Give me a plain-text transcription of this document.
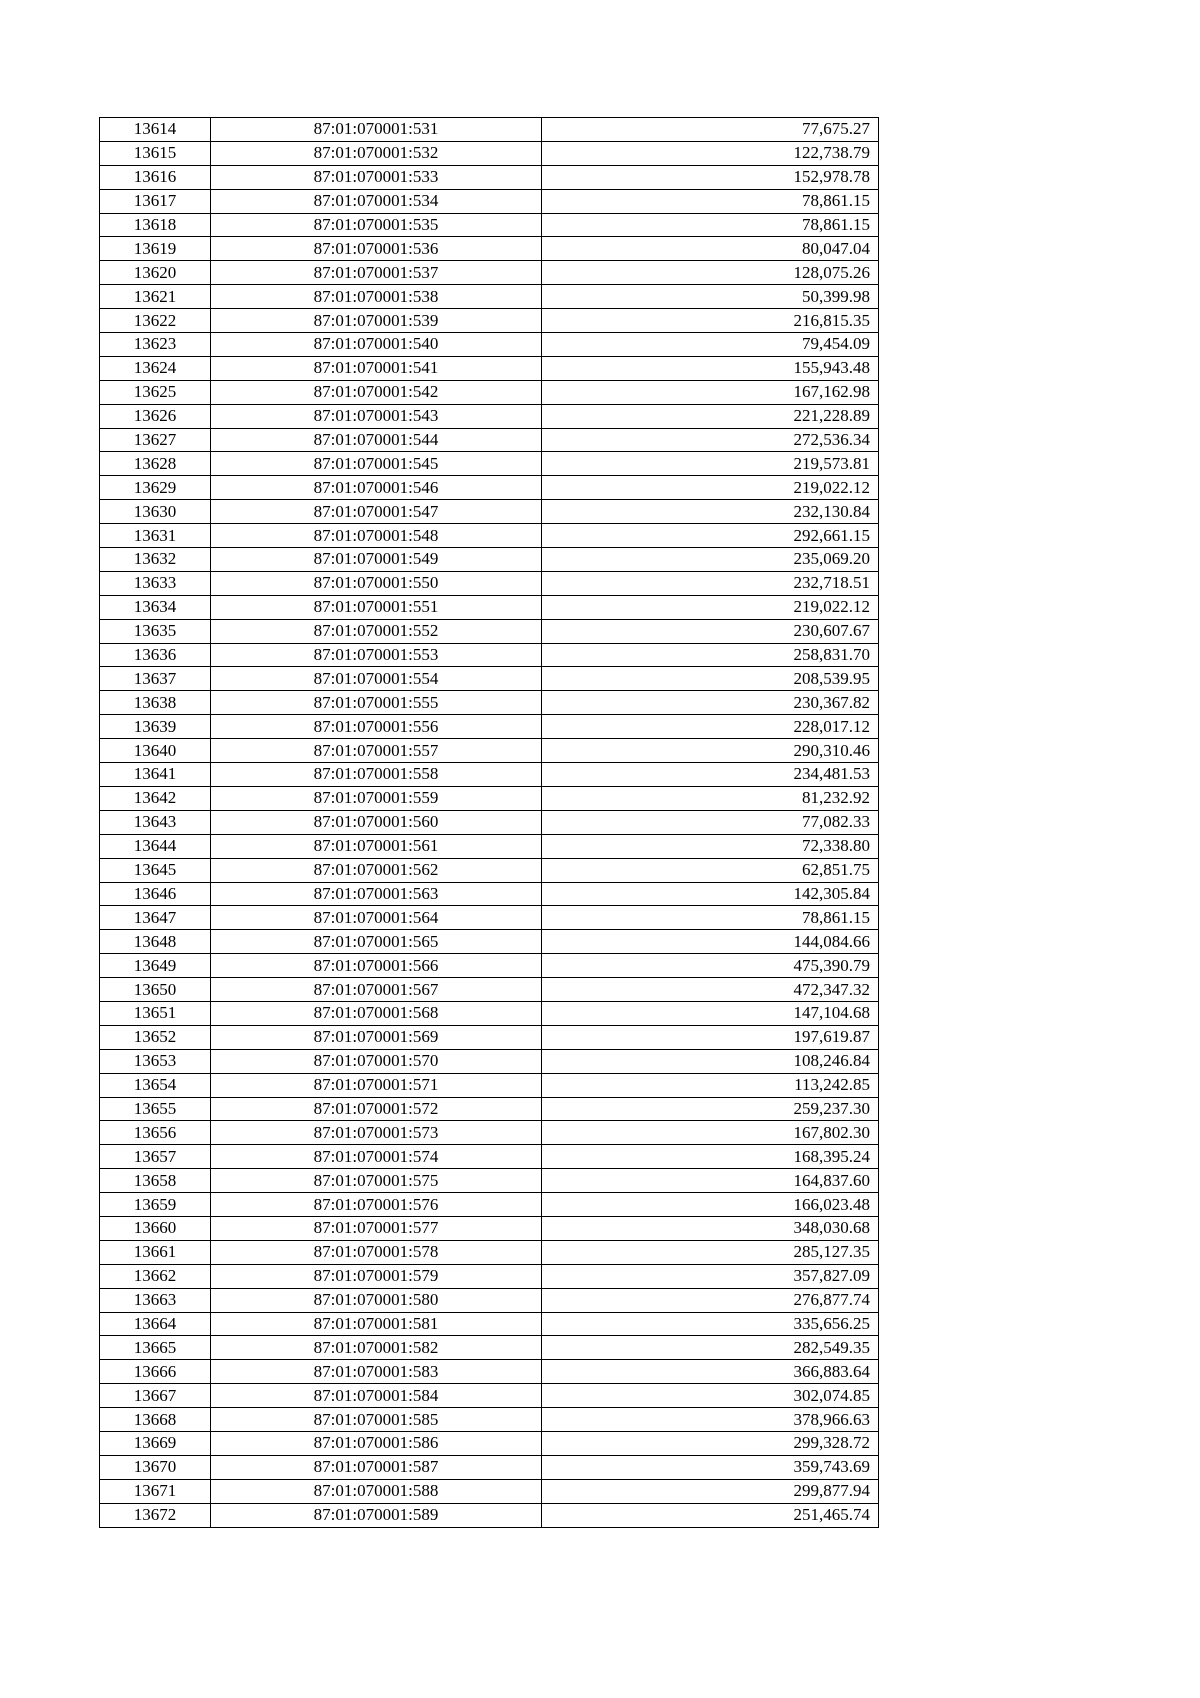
13614	87:01:070001:531	77,675.27
13615	87:01:070001:532	122,738.79
13616	87:01:070001:533	152,978.78
13617	87:01:070001:534	78,861.15
13618	87:01:070001:535	78,861.15
13619	87:01:070001:536	80,047.04
13620	87:01:070001:537	128,075.26
13621	87:01:070001:538	50,399.98
13622	87:01:070001:539	216,815.35
13623	87:01:070001:540	79,454.09
13624	87:01:070001:541	155,943.48
13625	87:01:070001:542	167,162.98
13626	87:01:070001:543	221,228.89
13627	87:01:070001:544	272,536.34
13628	87:01:070001:545	219,573.81
13629	87:01:070001:546	219,022.12
13630	87:01:070001:547	232,130.84
13631	87:01:070001:548	292,661.15
13632	87:01:070001:549	235,069.20
13633	87:01:070001:550	232,718.51
13634	87:01:070001:551	219,022.12
13635	87:01:070001:552	230,607.67
13636	87:01:070001:553	258,831.70
13637	87:01:070001:554	208,539.95
13638	87:01:070001:555	230,367.82
13639	87:01:070001:556	228,017.12
13640	87:01:070001:557	290,310.46
13641	87:01:070001:558	234,481.53
13642	87:01:070001:559	81,232.92
13643	87:01:070001:560	77,082.33
13644	87:01:070001:561	72,338.80
13645	87:01:070001:562	62,851.75
13646	87:01:070001:563	142,305.84
13647	87:01:070001:564	78,861.15
13648	87:01:070001:565	144,084.66
13649	87:01:070001:566	475,390.79
13650	87:01:070001:567	472,347.32
13651	87:01:070001:568	147,104.68
13652	87:01:070001:569	197,619.87
13653	87:01:070001:570	108,246.84
13654	87:01:070001:571	113,242.85
13655	87:01:070001:572	259,237.30
13656	87:01:070001:573	167,802.30
13657	87:01:070001:574	168,395.24
13658	87:01:070001:575	164,837.60
13659	87:01:070001:576	166,023.48
13660	87:01:070001:577	348,030.68
13661	87:01:070001:578	285,127.35
13662	87:01:070001:579	357,827.09
13663	87:01:070001:580	276,877.74
13664	87:01:070001:581	335,656.25
13665	87:01:070001:582	282,549.35
13666	87:01:070001:583	366,883.64
13667	87:01:070001:584	302,074.85
13668	87:01:070001:585	378,966.63
13669	87:01:070001:586	299,328.72
13670	87:01:070001:587	359,743.69
13671	87:01:070001:588	299,877.94
13672	87:01:070001:589	251,465.74
